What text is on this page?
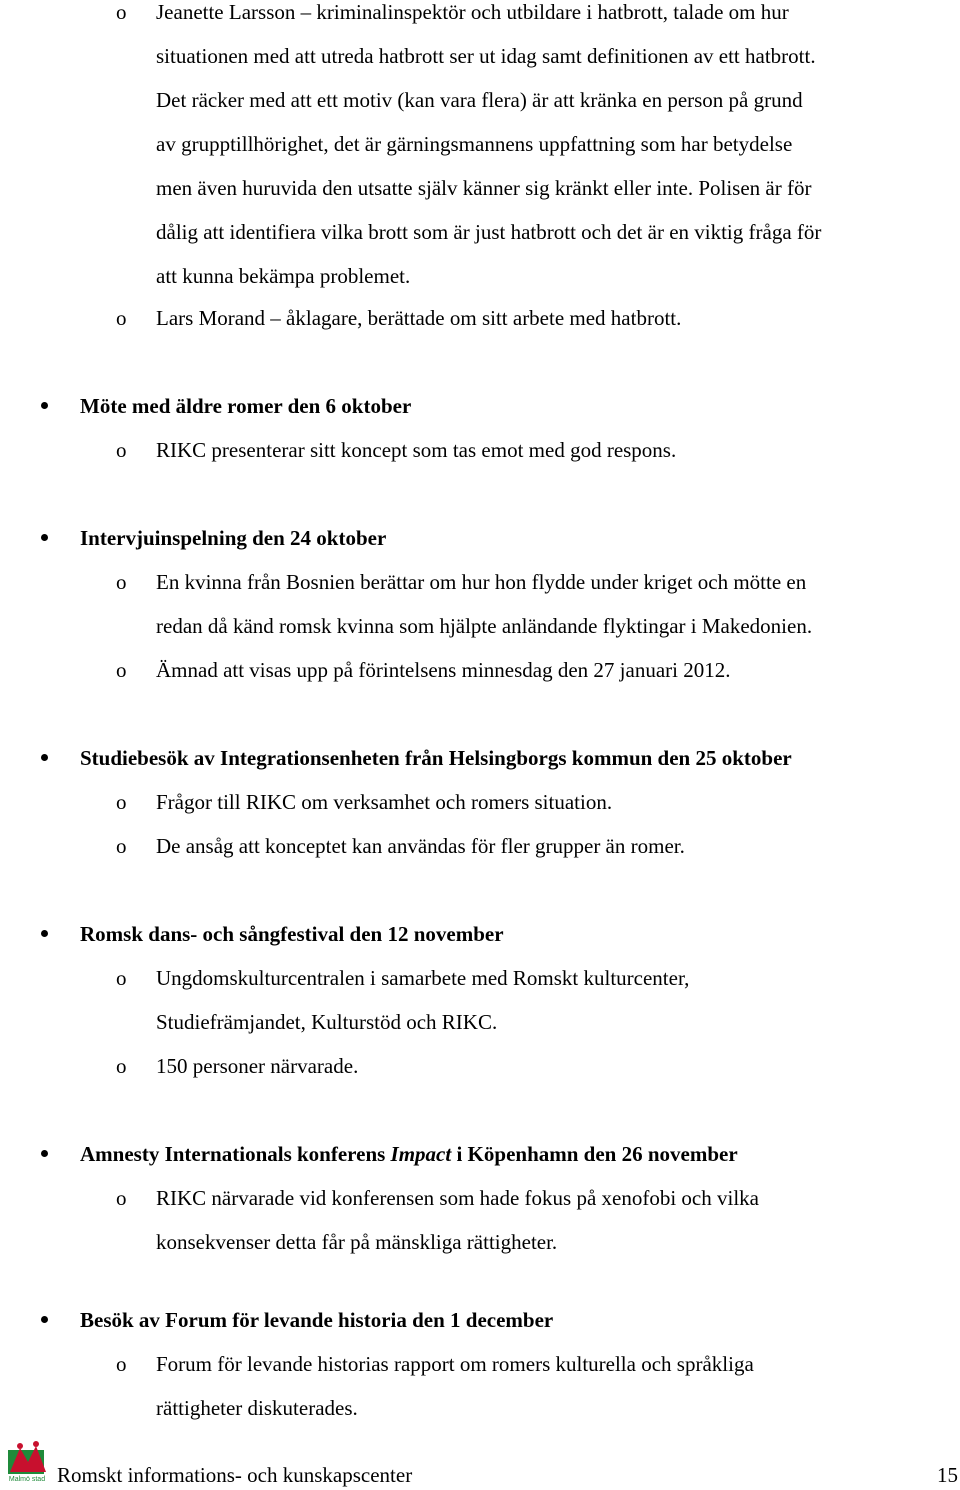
o Jeanette Larsson – kriminalinspektör och utbildare i hatbrott, talade om hur
situationen med att utreda hatbrott ser ut idag samt definitionen av ett hatbrott.
Det räcker med att ett motiv (kan vara flera) är att kränka en person på grund
av grupptillhörighet, det är gärningsmannens uppfattning som har betydelse
men även huruvida den utsatte själv känner sig kränkt eller inte. Polisen är för
dålig att identifiera vilka brott som är just hatbrott och det är en viktig fråga för
att kunna bekämpa problemet.
o Lars Morand – åklagare, berättade om sitt arbete med hatbrott.
Möte med äldre romer den 6 oktober
o RIKC presenterar sitt koncept som tas emot med god respons.
Intervjuinspelning den 24 oktober
o En kvinna från Bosnien berättar om hur hon flydde under kriget och mötte en
redan då känd romsk kvinna som hjälpte anländande flyktingar i Makedonien.
o Ämnad att visas upp på förintelsens minnesdag den 27 januari 2012.
Studiebesök av Integrationsenheten från Helsingborgs kommun den 25 oktober
o Frågor till RIKC om verksamhet och romers situation.
o De ansåg att konceptet kan användas för fler grupper än romer.
Romsk dans- och sångfestival den 12 november
o Ungdomskulturcentralen i samarbete med Romskt kulturcenter,
Studiefrämjandet, Kulturstöd och RIKC.
o 150 personer närvarade.
Amnesty Internationals konferens Impact i Köpenhamn den 26 november
o RIKC närvarade vid konferensen som hade fokus på xenofobi och vilka
konsekvenser detta får på mänskliga rättigheter.
Besök av Forum för levande historia den 1 december
o Forum för levande historias rapport om romers kulturella och språkliga
rättigheter diskuterades.
Malmö stad Romskt informations- och kunskapscenter	15
